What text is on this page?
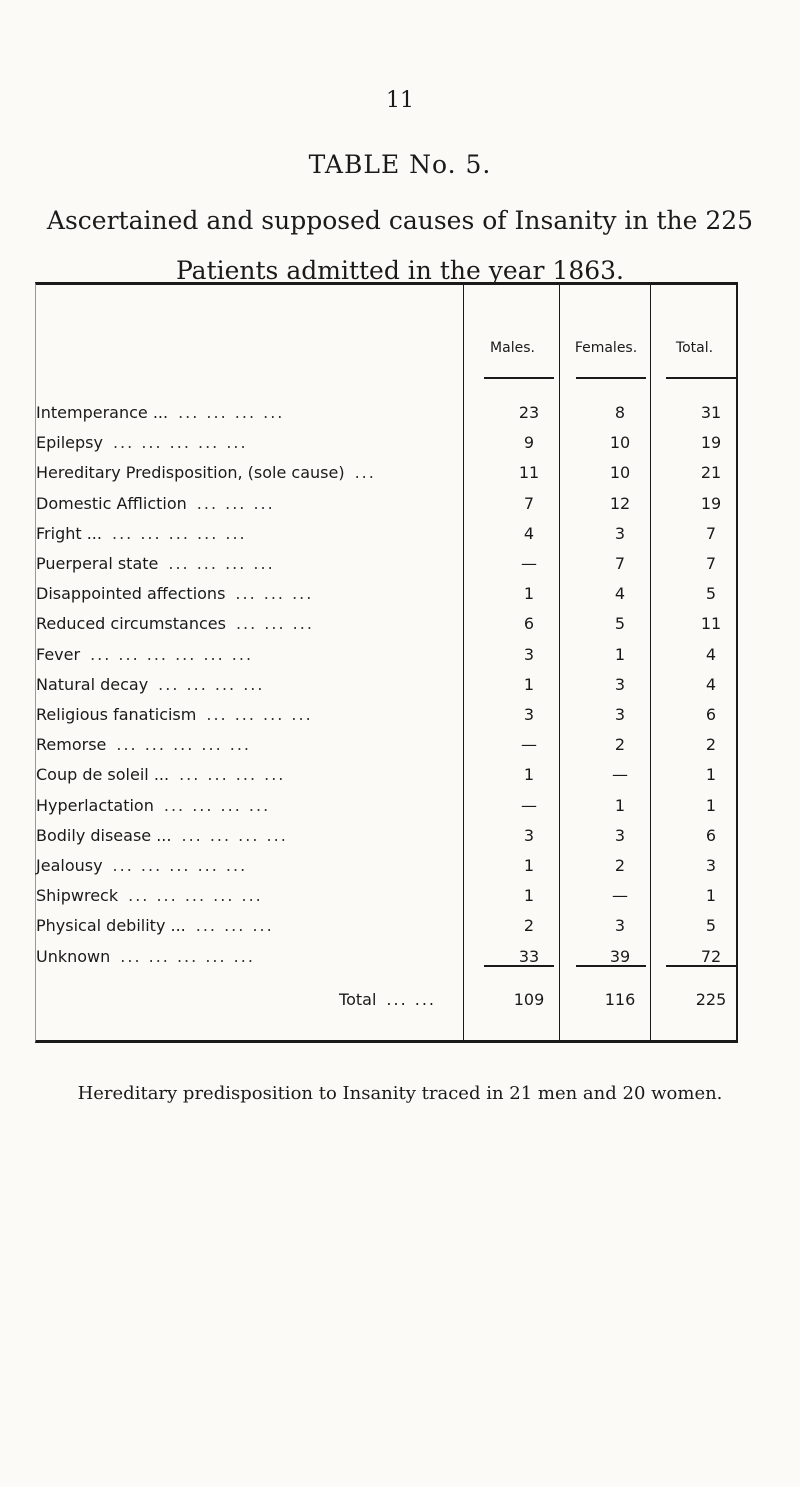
11
TABLE No. 5.
Ascertained and supposed causes of Insanity in the 225
Patients admitted in the year 1863.
Males.	Females.	Total.
Intemperance ... ... ... ... ...	23	8	31
Epilepsy ... ... ... ... ...	9	10	19
Hereditary Predisposition, (sole cause) ...	11	10	21
Domestic Affliction ... ... ...	7	12	19
Fright ... ... ... ... ... ...	4	3	7
Puerperal state ... ... ... ...	—	7	7
Disappointed affections ... ... ...	1	4	5
Reduced circumstances ... ... ...	6	5	11
Fever ... ... ... ... ... ...	3	1	4
Natural decay ... ... ... ...	1	3	4
Religious fanaticism ... ... ... ...	3	3	6
Remorse ... ... ... ... ...	—	2	2
Coup de soleil ... ... ... ... ...	1	—	1
Hyperlactation ... ... ... ...	—	1	1
Bodily disease ... ... ... ... ...	3	3	6
Jealousy ... ... ... ... ...	1	2	3
Shipwreck ... ... ... ... ...	1	—	1
Physical debility ... ... ... ...	2	3	5
Unknown ... ... ... ... ...	33	39	72
Total ... ...	109	116	225
Hereditary predisposition to Insanity traced in 21 men and 20 women.
